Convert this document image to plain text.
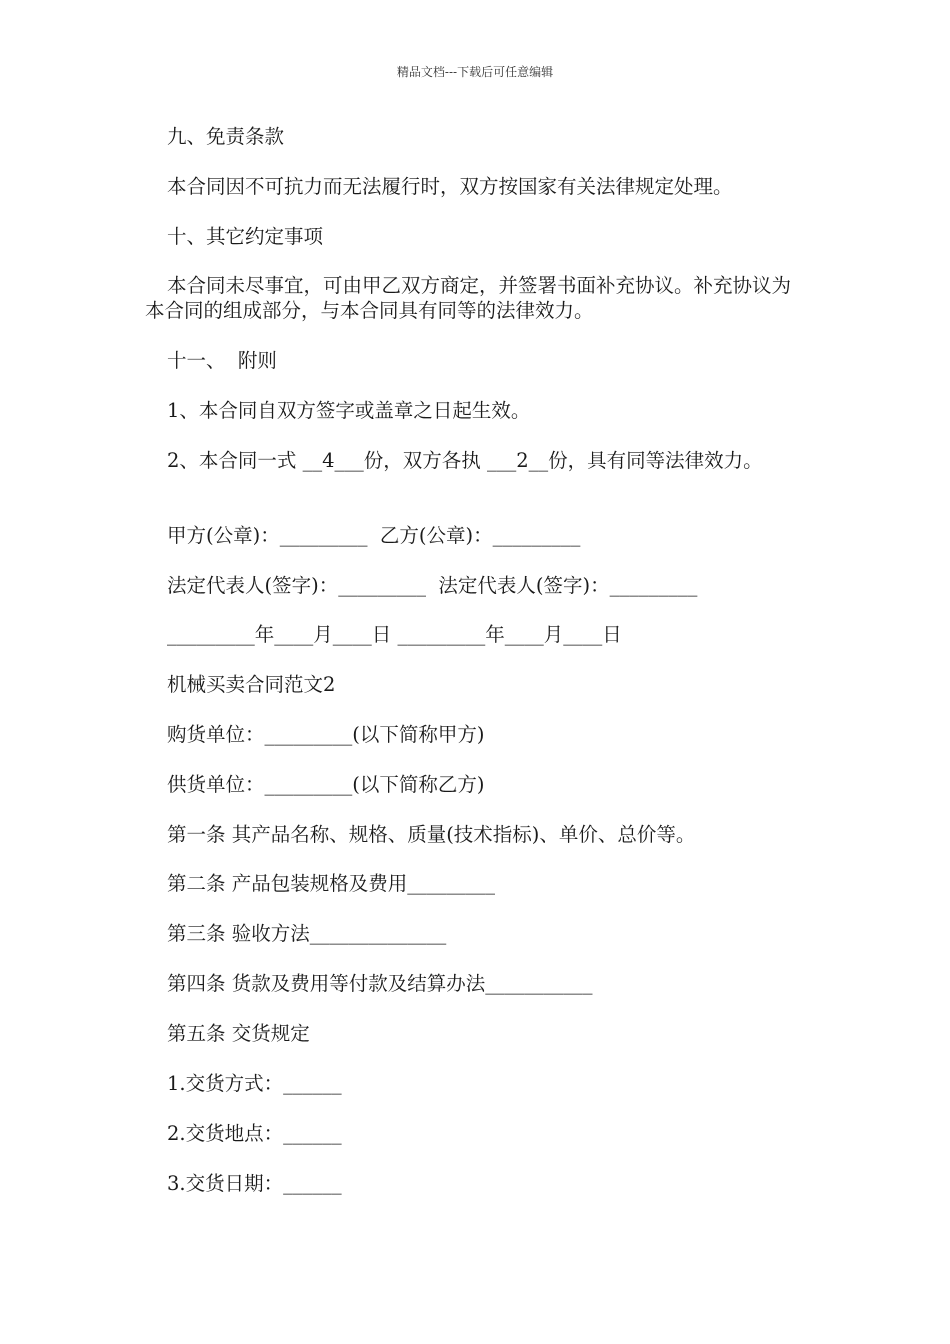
精品文档---下载后可任意编辑
九、免责条款
本合同因不可抗力而无法履行时，双方按国家有关法律规定处理。
十、其它约定事项
本合同未尽事宜，可由甲乙双方商定，并签署书面补充协议。补充协议为本合同的组成部分，与本合同具有同等的法律效力。
十一、  附则
1、本合同自双方签字或盖章之日起生效。
2、本合同一式 __4___份，双方各执 ___2__份，具有同等法律效力。
甲方(公章)：_________  乙方(公章)：_________
法定代表人(签字)：_________  法定代表人(签字)：_________
_________年____月____日 _________年____月____日
机械买卖合同范文2
购货单位：_________(以下简称甲方)
供货单位：_________(以下简称乙方)
第一条 其产品名称、规格、质量(技术指标)、单价、总价等。
第二条 产品包装规格及费用_________
第三条 验收方法______________
第四条 货款及费用等付款及结算办法___________
第五条 交货规定
1.交货方式：______
2.交货地点：______
3.交货日期：______
